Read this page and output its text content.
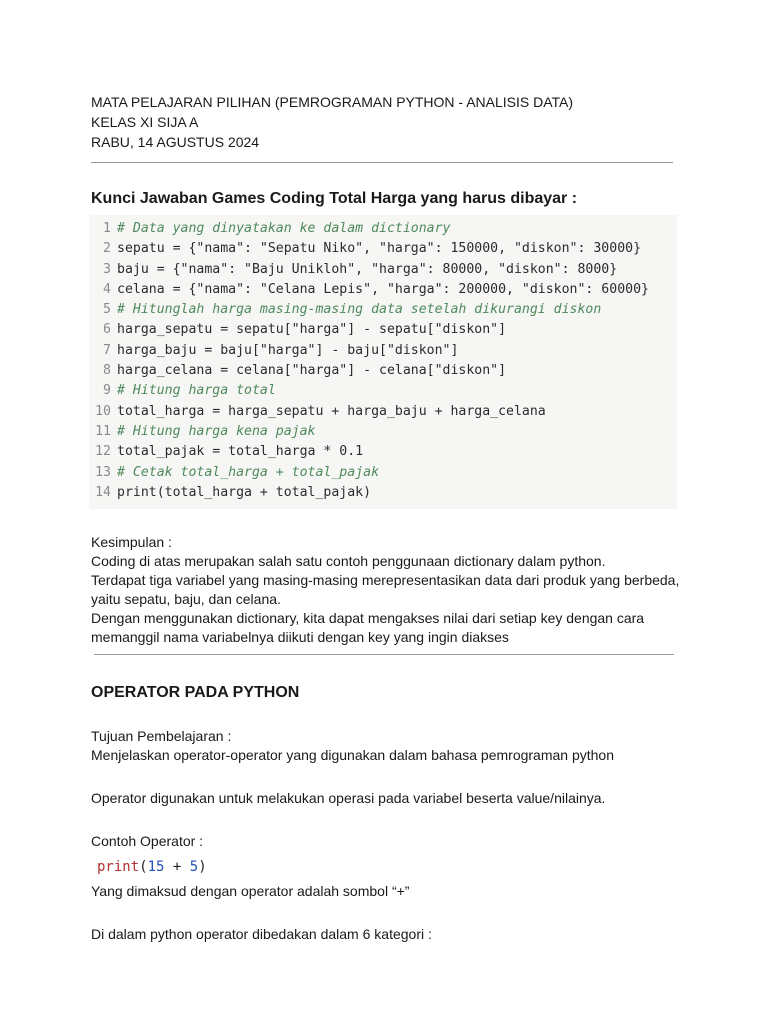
MATA PELAJARAN PILIHAN (PEMROGRAMAN PYTHON - ANALISIS DATA)
KELAS XI SIJA A
RABU, 14 AGUSTUS 2024
Kunci Jawaban Games Coding Total Harga yang harus dibayar :
1 # Data yang dinyatakan ke dalam dictionary
2 sepatu = {"nama": "Sepatu Niko", "harga": 150000, "diskon": 30000}
3 baju = {"nama": "Baju Unikloh", "harga": 80000, "diskon": 8000}
4 celana = {"nama": "Celana Lepis", "harga": 200000, "diskon": 60000}
5 # Hitunglah harga masing-masing data setelah dikurangi diskon
6 harga_sepatu = sepatu["harga"] - sepatu["diskon"]
7 harga_baju = baju["harga"] - baju["diskon"]
8 harga_celana = celana["harga"] - celana["diskon"]
9 # Hitung harga total
10 total_harga = harga_sepatu + harga_baju + harga_celana
11 # Hitung harga kena pajak
12 total_pajak = total_harga * 0.1
13 # Cetak total_harga + total_pajak
14 print(total_harga + total_pajak)
Kesimpulan :
Coding di atas merupakan salah satu contoh penggunaan dictionary dalam python.
Terdapat tiga variabel yang masing-masing merepresentasikan data dari produk yang berbeda,
yaitu sepatu, baju, dan celana.
Dengan menggunakan dictionary, kita dapat mengakses nilai dari setiap key dengan cara
memanggil nama variabelnya diikuti dengan key yang ingin diakses
OPERATOR PADA PYTHON
Tujuan Pembelajaran :
Menjelaskan operator-operator yang digunakan dalam bahasa pemrograman python
Operator digunakan untuk melakukan operasi pada variabel beserta value/nilainya.
Contoh Operator :
print(15 + 5)
Yang dimaksud dengan operator adalah sombol “+”
Di dalam python operator dibedakan dalam 6 kategori :
